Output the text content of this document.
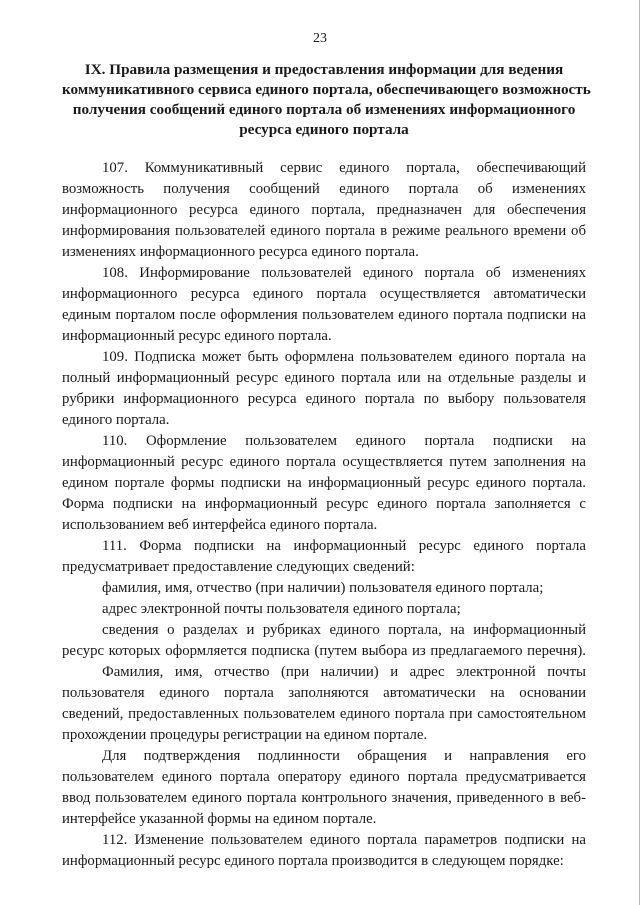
23
IX. Правила размещения и предоставления информации для ведения
коммуникативного сервиса единого портала, обеспечивающего возможность
получения сообщений единого портала об изменениях информационного
ресурса единого портала
107. Коммуникативный сервис единого портала, обеспечивающий
возможность получения сообщений единого портала об изменениях
информационного ресурса единого портала, предназначен для обеспечения
информирования пользователей единого портала в режиме реального времени об
изменениях информационного ресурса единого портала.
108. Информирование пользователей единого портала об изменениях
информационного ресурса единого портала осуществляется автоматически
единым порталом после оформления пользователем единого портала подписки на
информационный ресурс единого портала.
109. Подписка может быть оформлена пользователем единого портала на
полный информационный ресурс единого портала или на отдельные разделы и
рубрики информационного ресурса единого портала по выбору пользователя
единого портала.
110. Оформление пользователем единого портала подписки на
информационный ресурс единого портала осуществляется путем заполнения на
едином портале формы подписки на информационный ресурс единого портала.
Форма подписки на информационный ресурс единого портала заполняется с
использованием веб интерфейса единого портала.
111. Форма подписки на информационный ресурс единого портала
предусматривает предоставление следующих сведений:
фамилия, имя, отчество (при наличии) пользователя единого портала;
адрес электронной почты пользователя единого портала;
сведения о разделах и рубриках единого портала, на информационный
ресурс которых оформляется подписка (путем выбора из предлагаемого перечня).
Фамилия, имя, отчество (при наличии) и адрес электронной почты
пользователя единого портала заполняются автоматически на основании
сведений, предоставленных пользователем единого портала при самостоятельном
прохождении процедуры регистрации на едином портале.
Для подтверждения подлинности обращения и направления его
пользователем единого портала оператору единого портала предусматривается
ввод пользователем единого портала контрольного значения, приведенного в веб-
интерфейсе указанной формы на едином портале.
112. Изменение пользователем единого портала параметров подписки на
информационный ресурс единого портала производится в следующем порядке:
